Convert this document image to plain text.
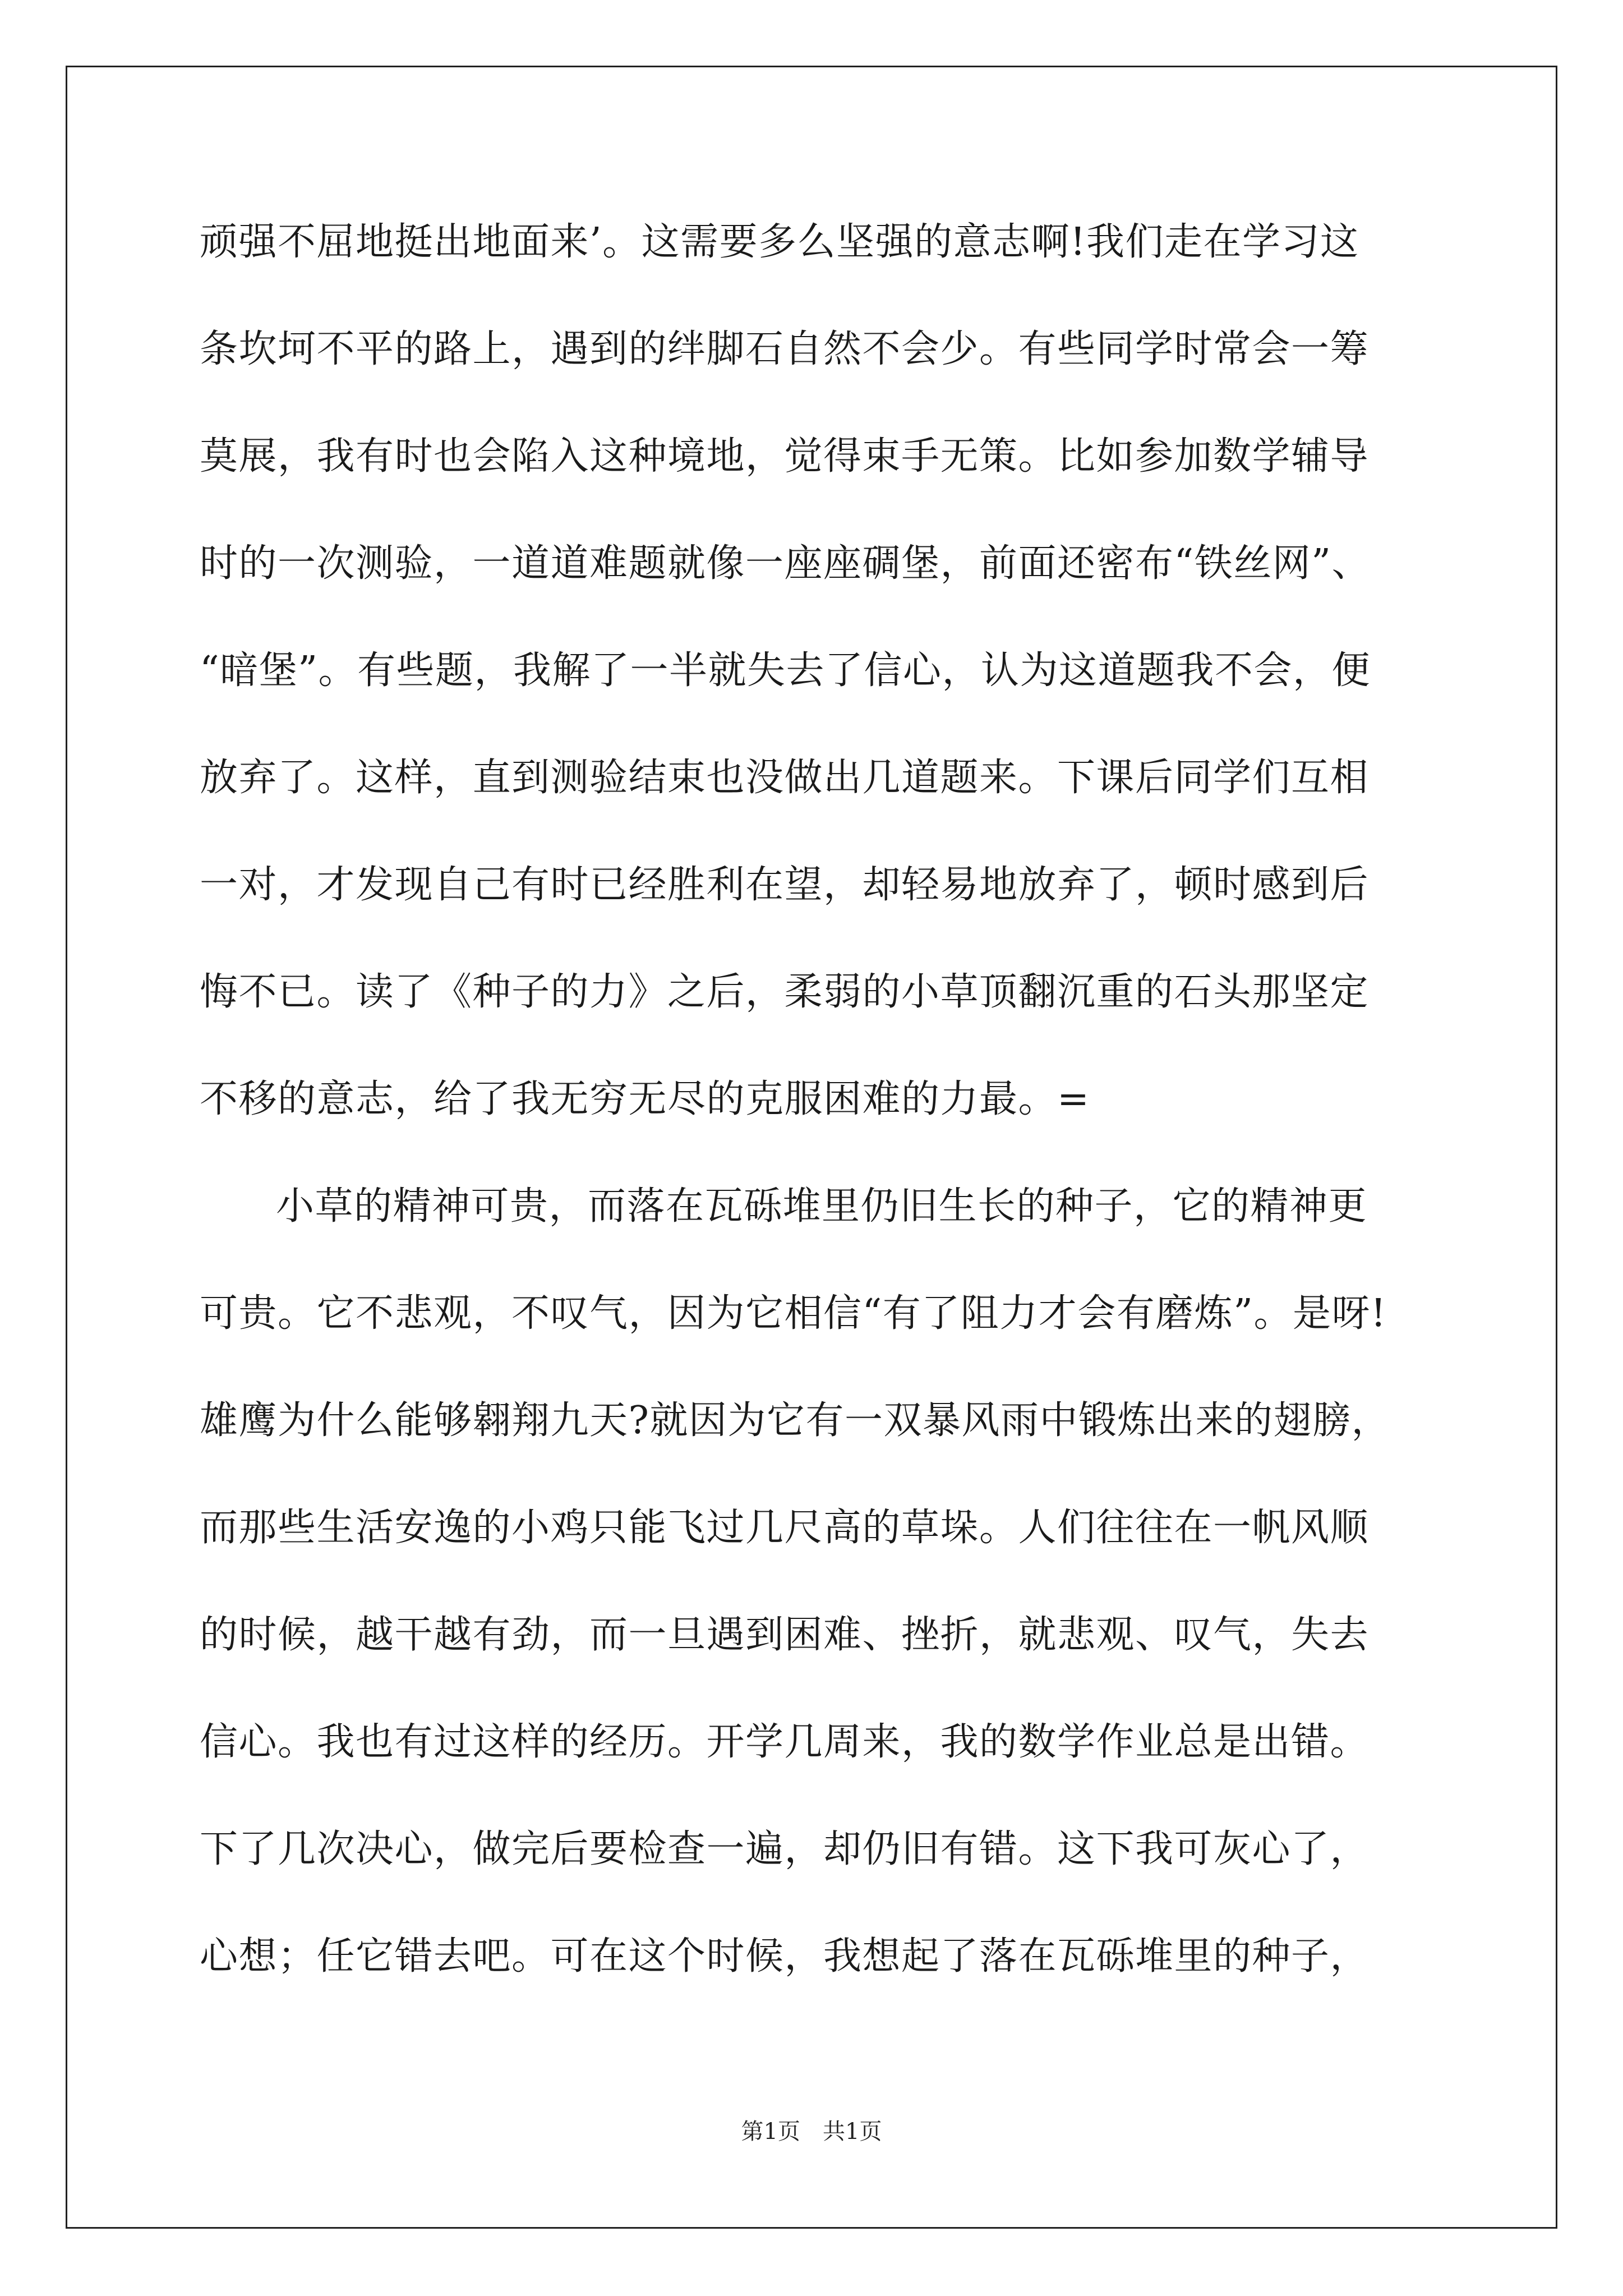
顽强不屈地挺出地面来’。这需要多么坚强的意志啊!我们走在学习这
条坎坷不平的路上，遇到的绊脚石自然不会少。有些同学时常会一筹
莫展，我有时也会陷入这种境地，觉得束手无策。比如参加数学辅导
时的一次测验，一道道难题就像一座座碉堡，前面还密布“铁丝网”、
“暗堡”。有些题，我解了一半就失去了信心，认为这道题我不会，便
放弃了。这样，直到测验结束也没做出几道题来。下课后同学们互相
一对，才发现自己有时已经胜利在望，却轻易地放弃了，顿时感到后
悔不已。读了《种子的力》之后，柔弱的小草顶翻沉重的石头那坚定
不移的意志，给了我无穷无尽的克服困难的力最。=
小草的精神可贵，而落在瓦砾堆里仍旧生长的种子，它的精神更
可贵。它不悲观，不叹气，因为它相信“有了阻力才会有磨炼”。是呀!
雄鹰为什么能够翱翔九天?就因为它有一双暴风雨中锻炼出来的翅膀，
而那些生活安逸的小鸡只能飞过几尺高的草垛。人们往往在一帆风顺
的时候，越干越有劲，而一旦遇到困难、挫折，就悲观、叹气，失去
信心。我也有过这样的经历。开学几周来，我的数学作业总是出错。
下了几次决心，做完后要检查一遍，却仍旧有错。这下我可灰心了，
心想；任它错去吧。可在这个时候，我想起了落在瓦砾堆里的种子，
第1页　共1页
